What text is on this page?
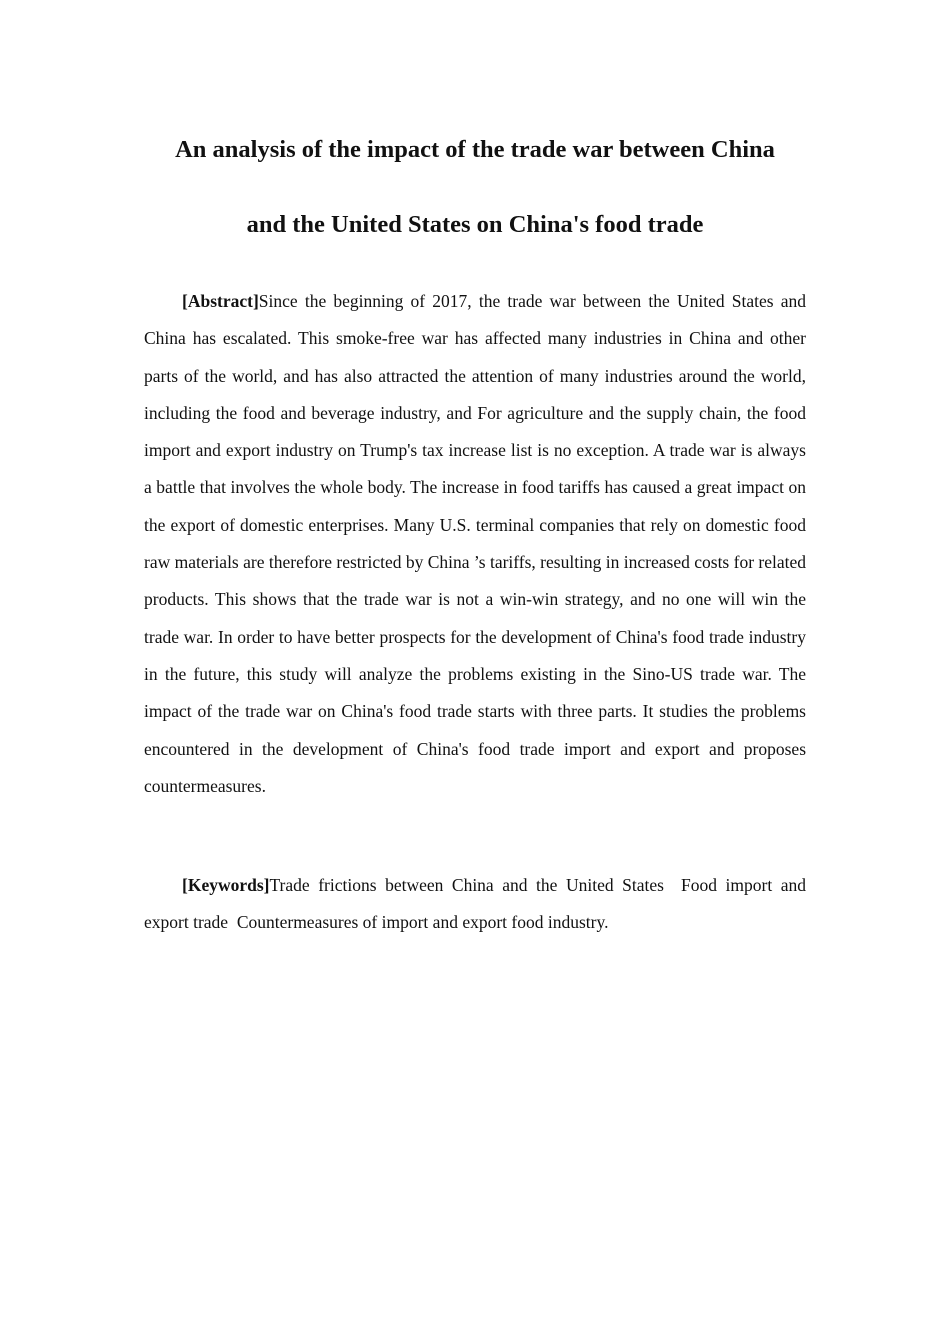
An analysis of the impact of the trade war between China
and the United States on China's food trade

[Abstract]Since the beginning of 2017, the trade war between the United States and China has escalated. This smoke-free war has affected many industries in China and other parts of the world, and has also attracted the attention of many industries around the world, including the food and beverage industry, and For agriculture and the supply chain, the food import and export industry on Trump's tax increase list is no exception. A trade war is always a battle that involves the whole body. The increase in food tariffs has caused a great impact on the export of domestic enterprises. Many U.S. terminal companies that rely on domestic food raw materials are therefore restricted by China ’s tariffs, resulting in increased costs for related products. This shows that the trade war is not a win-win strategy, and no one will win the trade war. In order to have better prospects for the development of China's food trade industry in the future, this study will analyze the problems existing in the Sino-US trade war. The impact of the trade war on China's food trade starts with three parts. It studies the problems encountered in the development of China's food trade import and export and proposes countermeasures.

[Keywords]Trade frictions between China and the United States Food import and export trade Countermeasures of import and export food industry.
